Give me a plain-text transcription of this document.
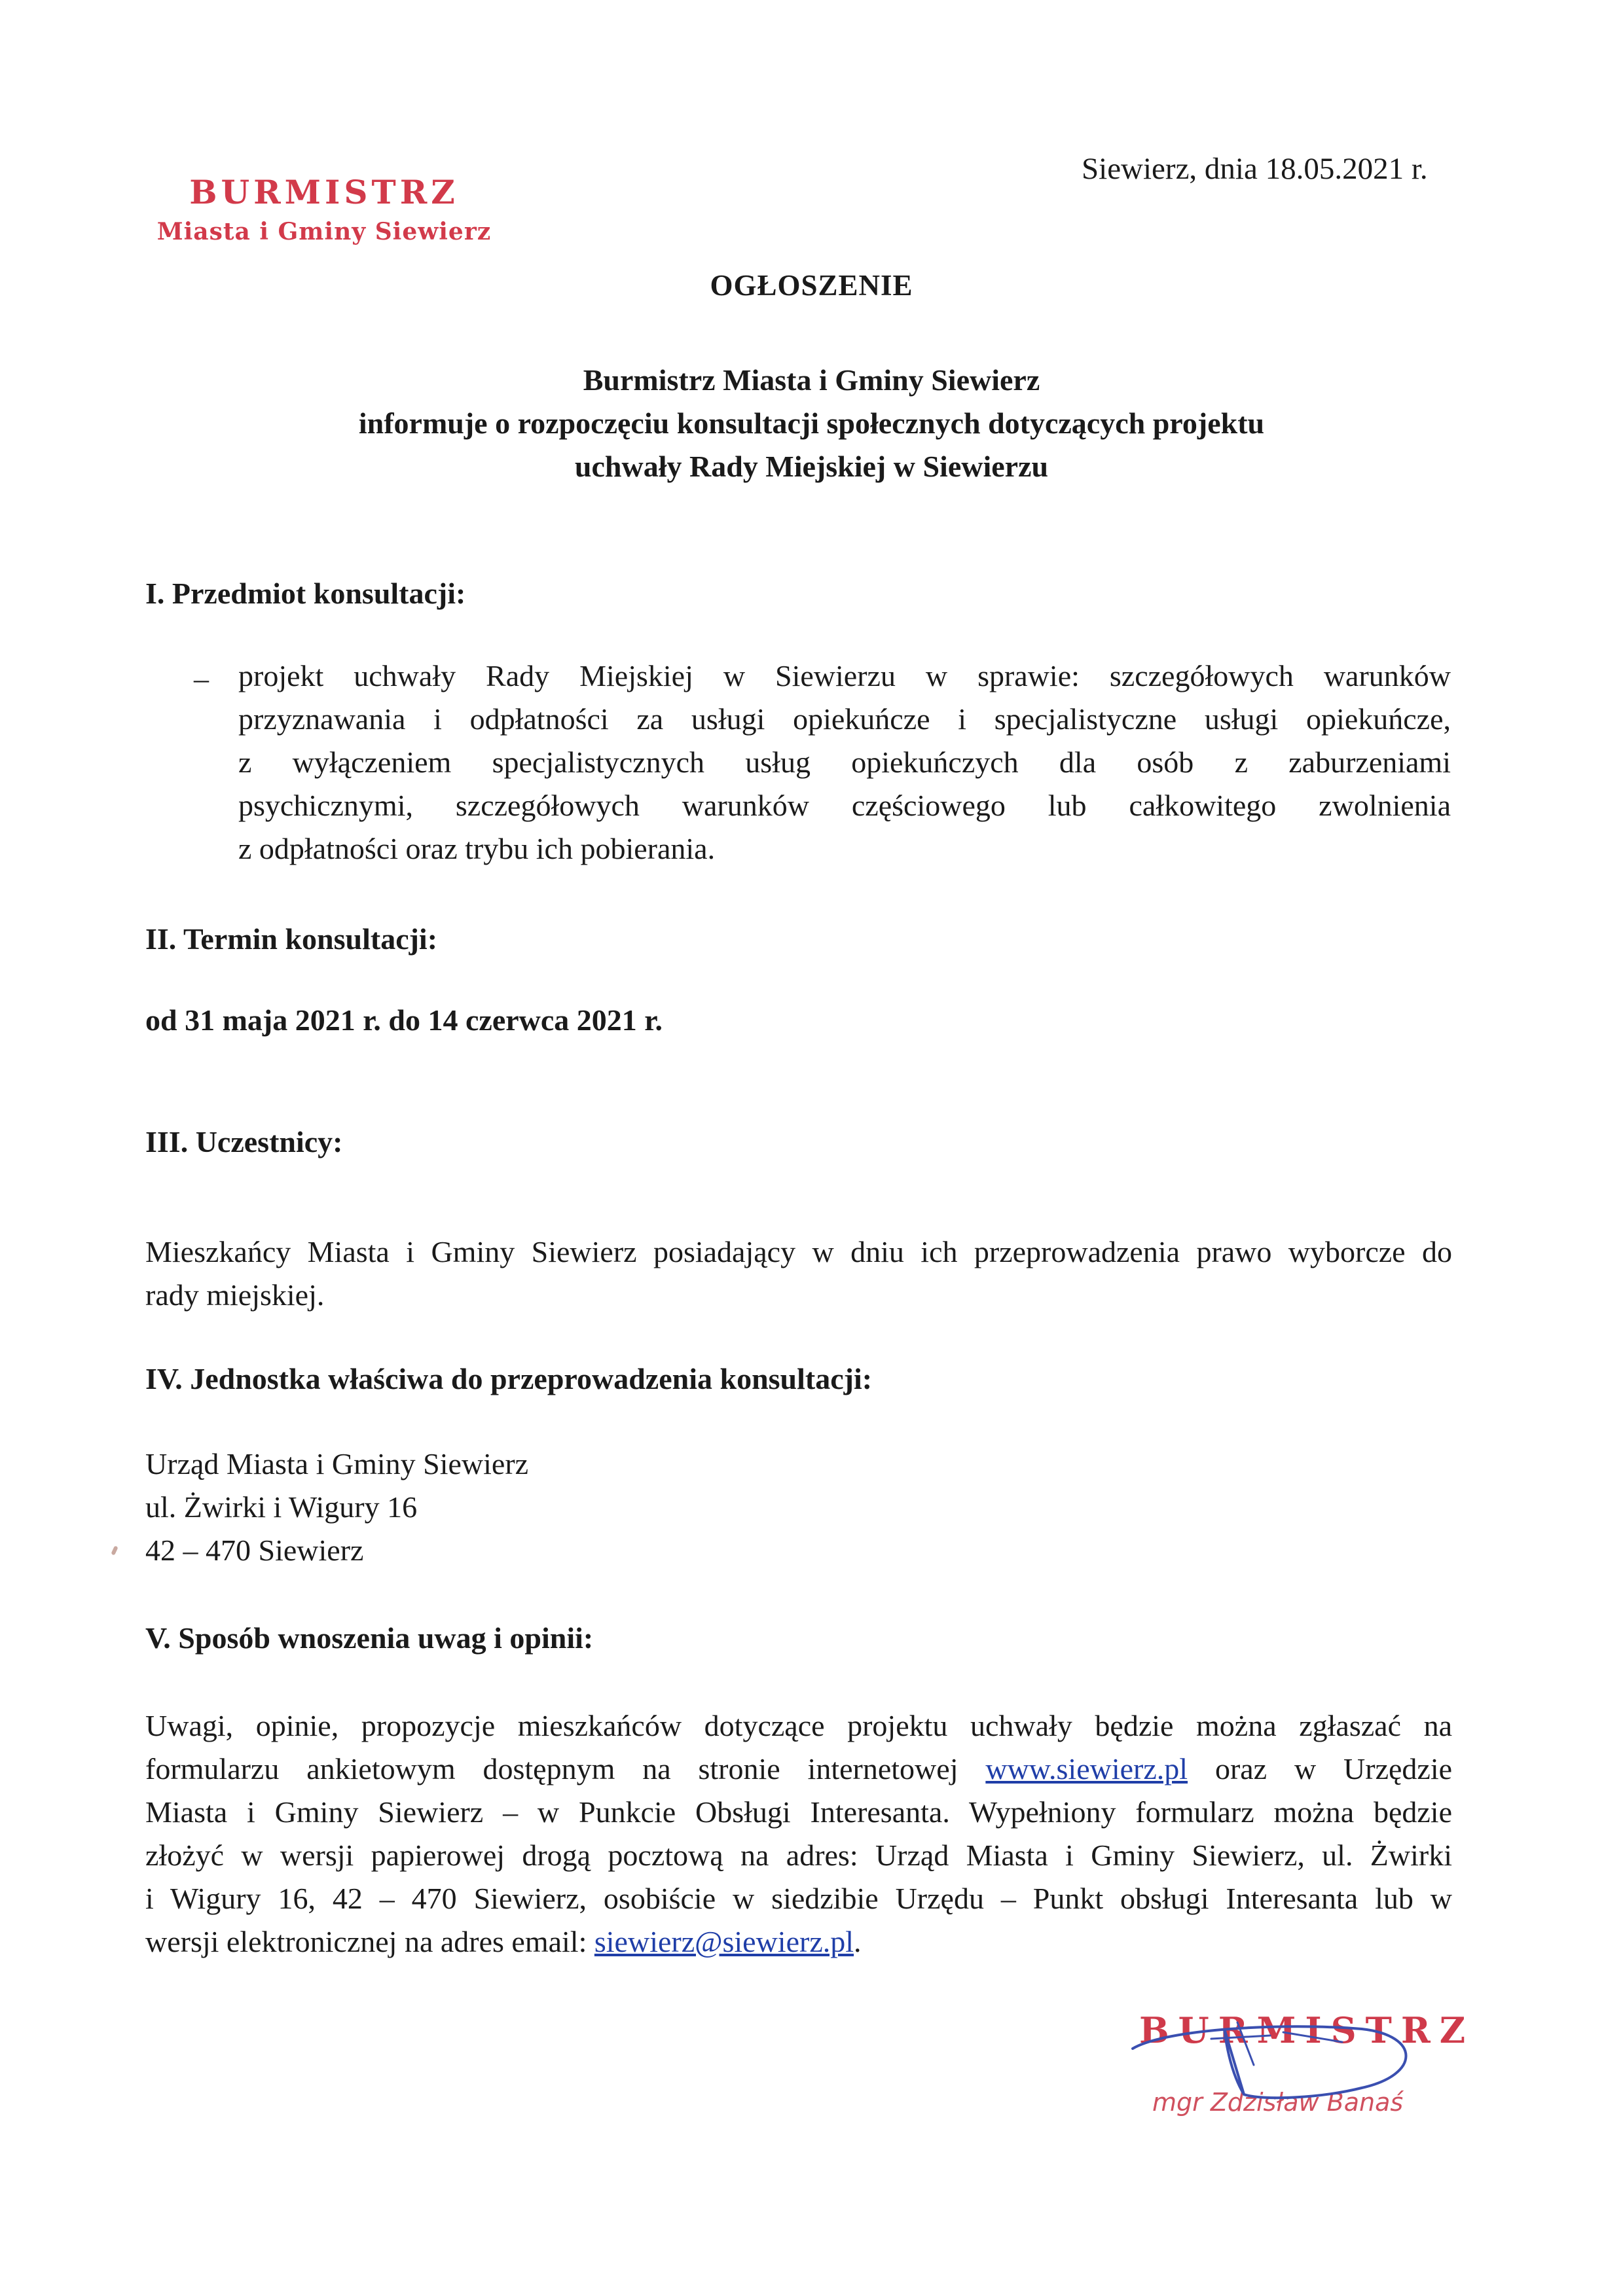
BURMISTRZ
Miasta i Gminy Siewierz
Siewierz, dnia 18.05.2021 r.
OGŁOSZENIE
Burmistrz Miasta i Gminy Siewierz
informuje o rozpoczęciu konsultacji społecznych dotyczących projektu
uchwały Rady Miejskiej w Siewierzu
I. Przedmiot konsultacji:
– projekt uchwały Rady Miejskiej w Siewierzu w sprawie: szczegółowych warunków
przyznawania i odpłatności za usługi opiekuńcze i specjalistyczne usługi opiekuńcze,
z wyłączeniem specjalistycznych usług opiekuńczych dla osób z zaburzeniami
psychicznymi, szczegółowych warunków częściowego lub całkowitego zwolnienia
z odpłatności oraz trybu ich pobierania.
II. Termin konsultacji:
od 31 maja 2021 r. do 14 czerwca 2021 r.
III. Uczestnicy:
Mieszkańcy Miasta i Gminy Siewierz posiadający w dniu ich przeprowadzenia prawo wyborcze do
rady miejskiej.
IV. Jednostka właściwa do przeprowadzenia konsultacji:
Urząd Miasta i Gminy Siewierz
ul. Żwirki i Wigury 16
42 – 470 Siewierz
V. Sposób wnoszenia uwag i opinii:
Uwagi, opinie, propozycje mieszkańców dotyczące projektu uchwały będzie można zgłaszać na
formularzu ankietowym dostępnym na stronie internetowej www.siewierz.pl oraz w Urzędzie
Miasta i Gminy Siewierz – w Punkcie Obsługi Interesanta. Wypełniony formularz można będzie
złożyć w wersji papierowej drogą pocztową na adres: Urząd Miasta i Gminy Siewierz, ul. Żwirki
i Wigury 16, 42 – 470 Siewierz, osobiście w siedzibie Urzędu – Punkt obsługi Interesanta lub w
wersji elektronicznej na adres email: siewierz@siewierz.pl.
BURMISTRZ
mgr Zdzisław Banaś
